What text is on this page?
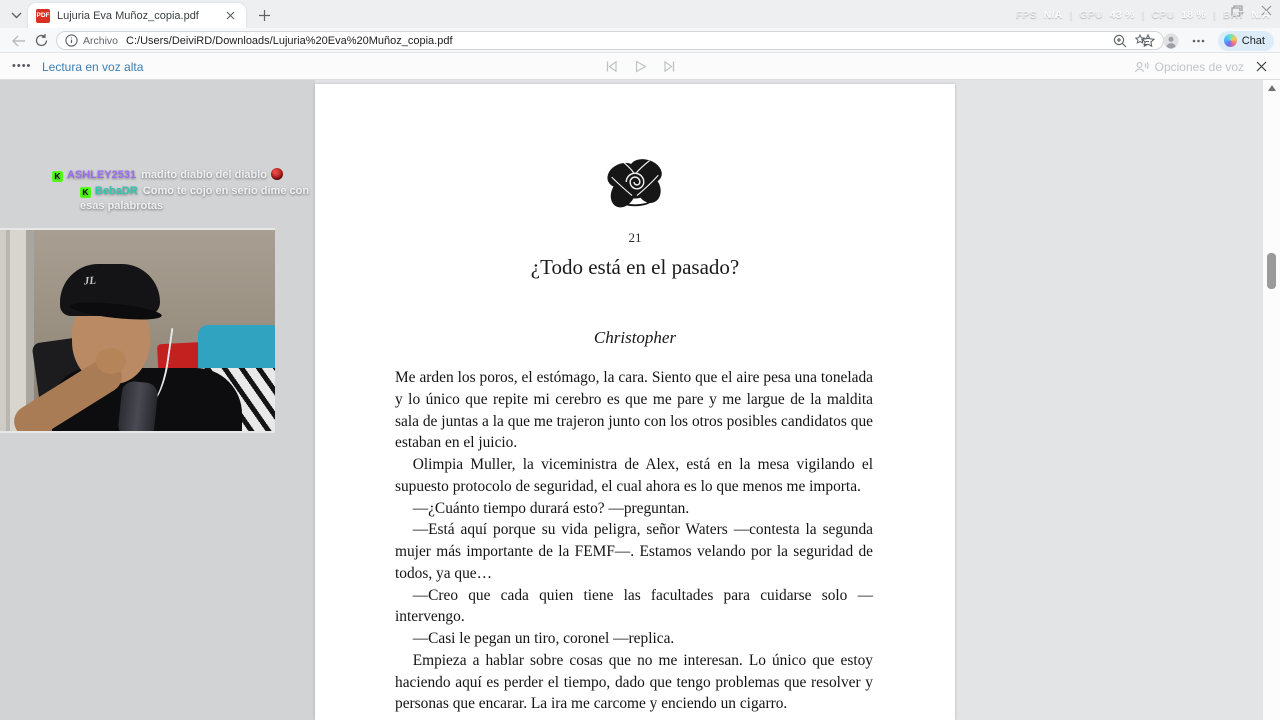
PDF Lujuria Eva Muñoz_copia.pdf	FPS N/A | GPU 43 % | CPU 18 % | BAT N/A
Archivo C:/Users/DeiviRD/Downloads/Lujuria%20Eva%20Muñoz_copia.pdf	Chat
•••• Lectura en voz alta	Opciones de voz
21
¿Todo está en el pasado?
Christopher

Me arden los poros, el estómago, la cara. Siento que el aire pesa una tonelada y lo único que repite mi cerebro es que me pare y me largue de la maldita sala de juntas a la que me trajeron junto con los otros posibles candidatos que estaban en el juicio.

Olimpia Muller, la viceministra de Alex, está en la mesa vigilando el supuesto protocolo de seguridad, el cual ahora es lo que menos me importa.

—¿Cuánto tiempo durará esto? —preguntan.

—Está aquí porque su vida peligra, señor Waters —contesta la segunda mujer más importante de la FEMF—. Estamos velando por la seguridad de todos, ya que…

—Creo que cada quien tiene las facultades para cuidarse solo — intervengo.

—Casi le pegan un tiro, coronel —replica.

Empieza a hablar sobre cosas que no me interesan. Lo único que estoy haciendo aquí es perder el tiempo, dado que tengo problemas que resolver y personas que encarar. La ira me carcome y enciendo un cigarro.

K ASHLEY2531 madito diablo del diablo
K BebaDR Como te cojo en serio dime con esas palabrotas
JL
